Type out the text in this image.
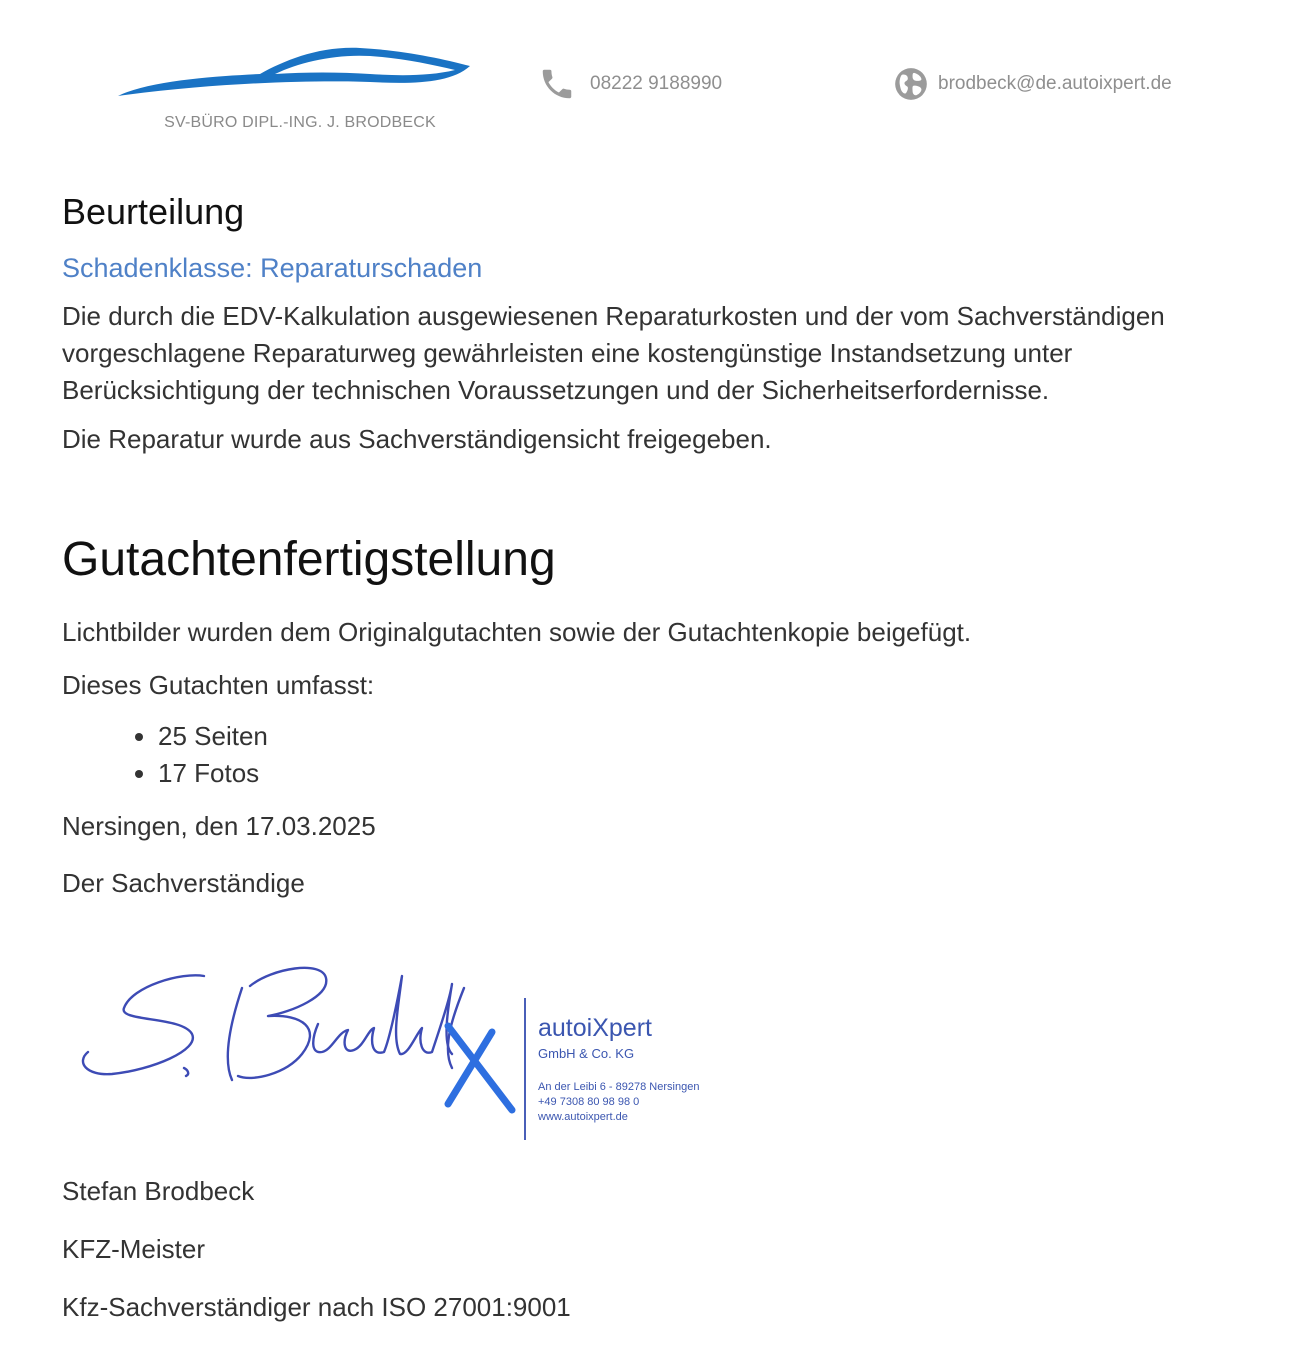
SV-BÜRO DIPL.-ING. J. BRODBECK
08222 9188990	brodbeck@de.autoixpert.de
Beurteilung
Schadenklasse: Reparaturschaden

Die durch die EDV-Kalkulation ausgewiesenen Reparaturkosten und der vom Sachverständigen vorgeschlagene Reparaturweg gewährleisten eine kostengünstige Instandsetzung unter Berücksichtigung der technischen Voraussetzungen und der Sicherheitserfordernisse.

Die Reparatur wurde aus Sachverständigensicht freigegeben.

Gutachtenfertigstellung

Lichtbilder wurden dem Originalgutachten sowie der Gutachtenkopie beigefügt.

Dieses Gutachten umfasst:

• 25 Seiten
• 17 Fotos

Nersingen, den 17.03.2025

Der Sachverständige

autoiXpert
GmbH & Co. KG
An der Leibi 6 - 89278 Nersingen
+49 7308 80 98 98 0
www.autoixpert.de

Stefan Brodbeck

KFZ-Meister

Kfz-Sachverständiger nach ISO 27001:9001
